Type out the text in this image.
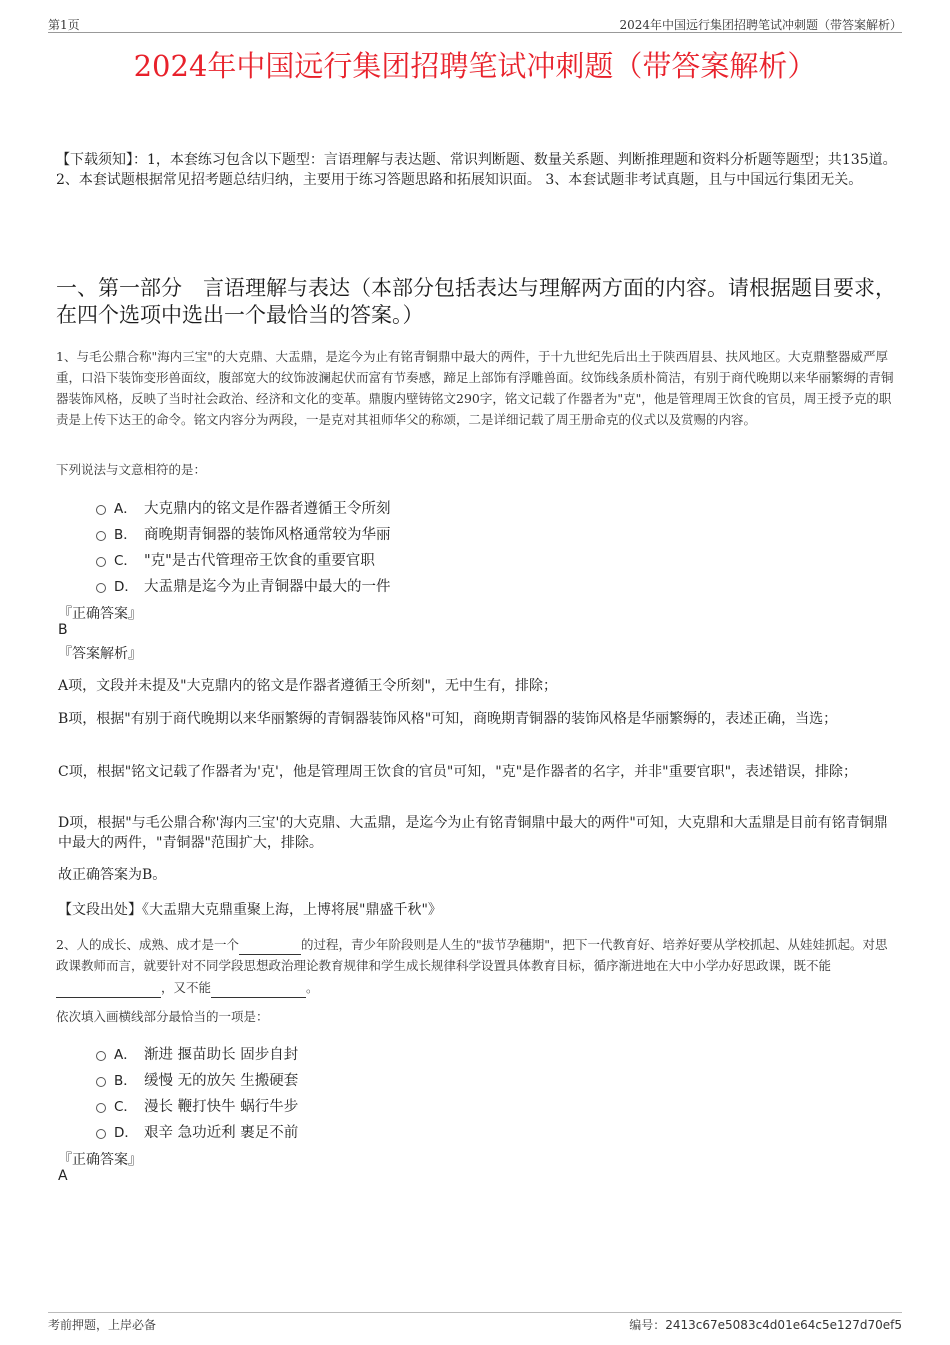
第1页	2024年中国远行集团招聘笔试冲刺题（带答案解析）
2024年中国远行集团招聘笔试冲刺题（带答案解析）
【下载须知】：1，本套练习包含以下题型：言语理解与表达题、常识判断题、数量关系题、判断推理题和资料分析题等题型；共135道。 2、本套试题根据常见招考题总结归纳，主要用于练习答题思路和拓展知识面。 3、本套试题非考试真题，且与中国远行集团无关。
一、第一部分　言语理解与表达（本部分包括表达与理解两方面的内容。请根据题目要求，在四个选项中选出一个最恰当的答案。）
1、与毛公鼎合称"海内三宝"的大克鼎、大盂鼎，是迄今为止有铭青铜鼎中最大的两件，于十九世纪先后出土于陕西眉县、扶风地区。大克鼎整器威严厚重，口沿下装饰变形兽面纹，腹部宽大的纹饰波澜起伏而富有节奏感，蹄足上部饰有浮雕兽面。纹饰线条质朴简洁，有别于商代晚期以来华丽繁缛的青铜器装饰风格，反映了当时社会政治、经济和文化的变革。鼎腹内壁铸铭文290字，铭文记载了作器者为"克"，他是管理周王饮食的官员，周王授予克的职责是上传下达王的命令。铭文内容分为两段，一是克对其祖师华父的称颂，二是详细记载了周王册命克的仪式以及赏赐的内容。
下列说法与文意相符的是：
A． 大克鼎内的铭文是作器者遵循王令所刻
B． 商晚期青铜器的装饰风格通常较为华丽
C． "克"是古代管理帝王饮食的重要官职
D． 大盂鼎是迄今为止青铜器中最大的一件
『正确答案』
B
『答案解析』
A项，文段并未提及"大克鼎内的铭文是作器者遵循王令所刻"，无中生有，排除；
B项，根据"有别于商代晚期以来华丽繁缛的青铜器装饰风格"可知，商晚期青铜器的装饰风格是华丽繁缛的，表述正确，当选；
C项，根据"铭文记载了作器者为'克'，他是管理周王饮食的官员"可知，"克"是作器者的名字，并非"重要官职"，表述错误，排除；
D项，根据"与毛公鼎合称'海内三宝'的大克鼎、大盂鼎，是迄今为止有铭青铜鼎中最大的两件"可知，大克鼎和大盂鼎是目前有铭青铜鼎中最大的两件，"青铜器"范围扩大，排除。
故正确答案为B。
【文段出处】《大盂鼎大克鼎重聚上海，上博将展"鼎盛千秋"》
2、人的成长、成熟、成才是一个	的过程，青少年阶段则是人生的"拔节孕穗期"，把下一代教育好、培养好要从学校抓起、从娃娃抓起。对思政课教师而言，就要针对不同学段思想政治理论教育规律和学生成长规律科学设置具体教育目标，循序渐进地在大中小学办好思政课，既不能 ，又不能	。
依次填入画横线部分最恰当的一项是：
A． 渐进 揠苗助长 固步自封
B． 缓慢 无的放矢 生搬硬套
C． 漫长 鞭打快牛 蜗行牛步
D． 艰辛 急功近利 裹足不前
『正确答案』
A
考前押题，上岸必备	编号：2413c67e5083c4d01e64c5e127d70ef5
